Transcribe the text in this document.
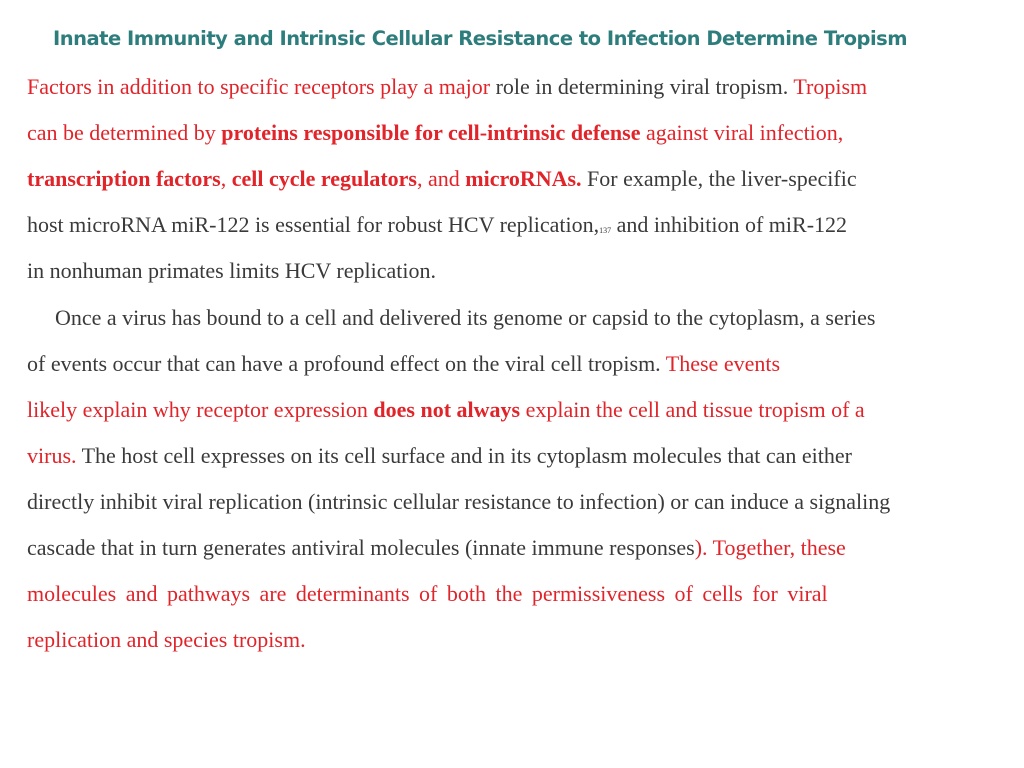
Innate Immunity and Intrinsic Cellular Resistance to Infection Determine Tropism
Factors in addition to specific receptors play a major role in determining viral tropism. Tropism
can be determined by proteins responsible for cell-intrinsic defense against viral infection,
transcription factors, cell cycle regulators, and microRNAs. For example, the liver-specific
host microRNA miR-122 is essential for robust HCV replication,137 and inhibition of miR-122
in nonhuman primates limits HCV replication.
Once a virus has bound to a cell and delivered its genome or capsid to the cytoplasm, a series
of events occur that can have a profound effect on the viral cell tropism. These events
likely explain why receptor expression does not always explain the cell and tissue tropism of a
virus. The host cell expresses on its cell surface and in its cytoplasm molecules that can either
directly inhibit viral replication (intrinsic cellular resistance to infection) or can induce a signaling
cascade that in turn generates antiviral molecules (innate immune responses). Together, these
molecules and pathways are determinants of both the permissiveness of cells for viral
replication and species tropism.
